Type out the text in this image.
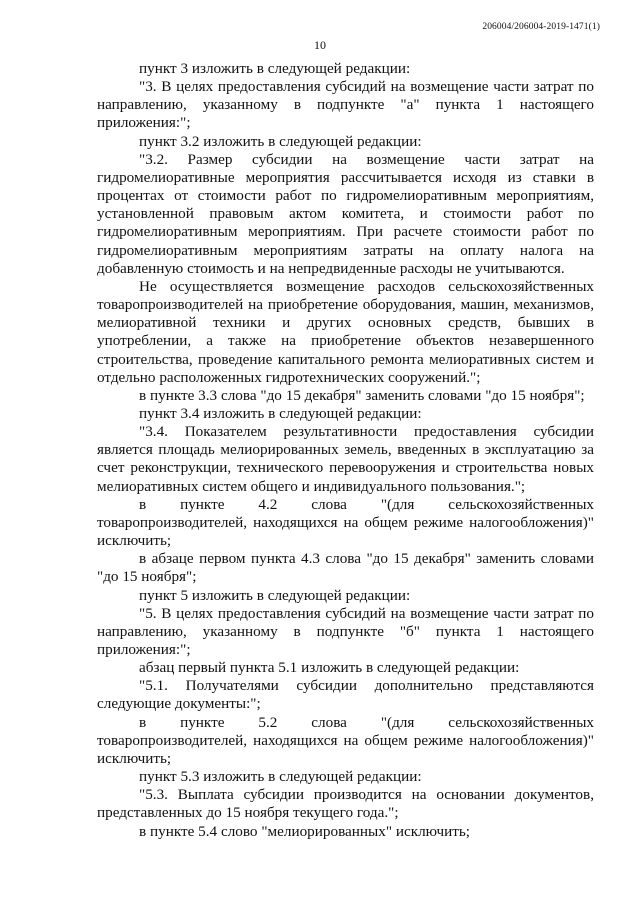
206004/206004-2019-1471(1)
10

пункт 3 изложить в следующей редакции:

"3. В целях предоставления субсидий на возмещение части затрат по направлению, указанному в подпункте "а" пункта 1 настоящего приложения:";

пункт 3.2 изложить в следующей редакции:

"3.2. Размер субсидии на возмещение части затрат на гидромелиоративные мероприятия рассчитывается исходя из ставки в процентах от стоимости работ по гидромелиоративным мероприятиям, установленной правовым актом комитета, и стоимости работ по гидромелиоративным мероприятиям. При расчете стоимости работ по гидромелиоративным мероприятиям затраты на оплату налога на добавленную стоимость и на непредвиденные расходы не учитываются.

Не осуществляется возмещение расходов сельскохозяйственных товаропроизводителей на приобретение оборудования, машин, механизмов, мелиоративной техники и других основных средств, бывших в употреблении, а также на приобретение объектов незавершенного строительства, проведение капитального ремонта мелиоративных систем и отдельно расположенных гидротехнических сооружений.";

в пункте 3.3 слова "до 15 декабря" заменить словами "до 15 ноября";

пункт 3.4 изложить в следующей редакции:

"3.4. Показателем результативности предоставления субсидии является площадь мелиорированных земель, введенных в эксплуатацию за счет реконструкции, технического перевооружения и строительства новых мелиоративных систем общего и индивидуального пользования.";

в пункте 4.2 слова "(для сельскохозяйственных товаропроизводителей, находящихся на общем режиме налогообложения)" исключить;

в абзаце первом пункта 4.3 слова "до 15 декабря" заменить словами "до 15 ноября";

пункт 5 изложить в следующей редакции:

"5. В целях предоставления субсидий на возмещение части затрат по направлению, указанному в подпункте "б" пункта 1 настоящего приложения:";

абзац первый пункта 5.1 изложить в следующей редакции:

"5.1. Получателями субсидии дополнительно представляются следующие документы:";

в пункте 5.2 слова "(для сельскохозяйственных товаропроизводителей, находящихся на общем режиме налогообложения)" исключить;

пункт 5.3 изложить в следующей редакции:

"5.3. Выплата субсидии производится на основании документов, представленных до 15 ноября текущего года.";

в пункте 5.4 слово "мелиорированных" исключить;
